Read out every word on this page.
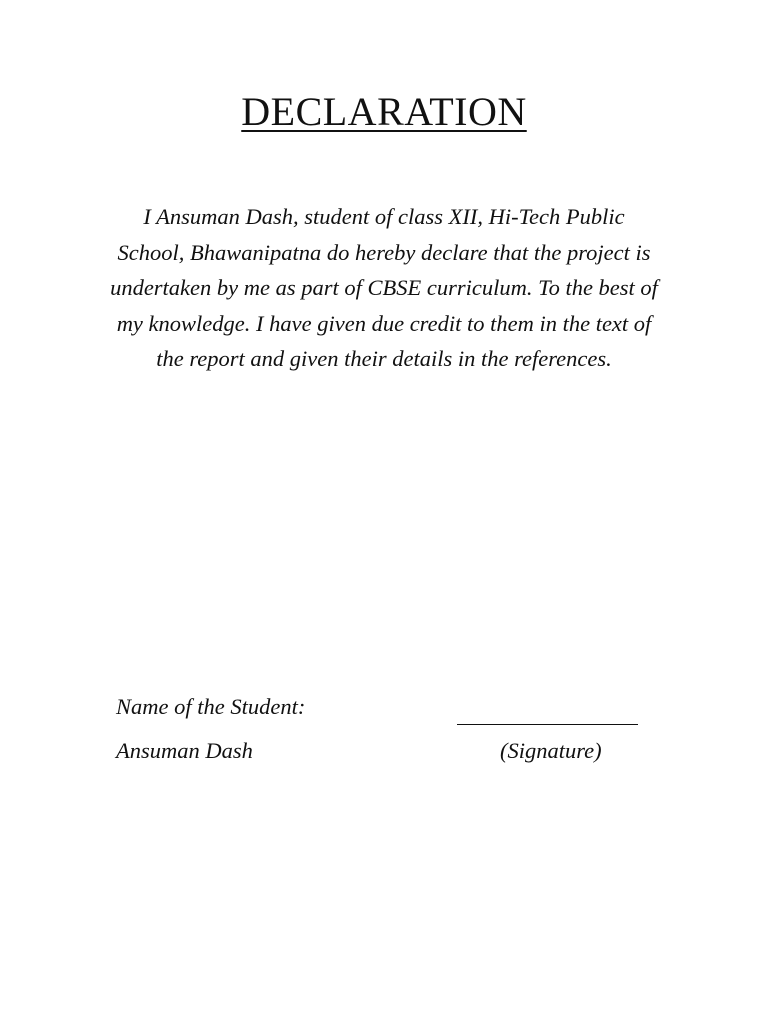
DECLARATION

I Ansuman Dash, student of class XII, Hi-Tech Public School, Bhawanipatna do hereby declare that the project is undertaken by me as part of CBSE curriculum. To the best of my knowledge. I have given due credit to them in the text of the report and given their details in the references.

Name of the Student:
Ansuman Dash	(Signature)
